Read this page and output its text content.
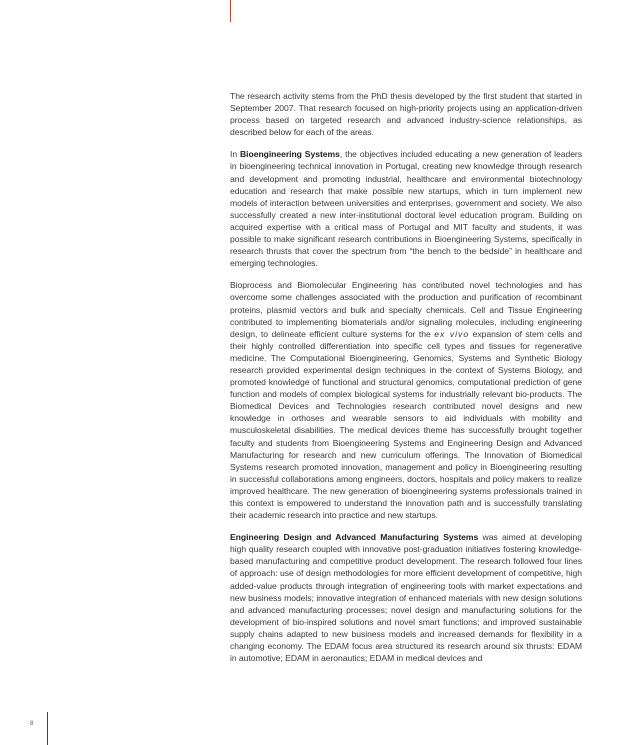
The research activity stems from the PhD thesis developed by the first student that started in September 2007. That research focused on high-priority projects using an application-driven process based on targeted research and advanced industry-science relationships, as described below for each of the areas.

In Bioengineering Systems, the objectives included educating a new generation of leaders in bioengineering technical innovation in Portugal, creating new knowledge through research and development and promoting industrial, healthcare and environmental biotechnology education and research that make possible new startups, which in turn implement new models of interaction between universities and enterprises, government and society. We also successfully created a new inter-institutional doctoral level education program. Building on acquired expertise with a critical mass of Portugal and MIT faculty and students, it was possible to make significant research contributions in Bioengineering Systems, specifically in research thrusts that cover the spectrum from “the bench to the bedside” in healthcare and emerging technologies.

Bioprocess and Biomolecular Engineering has contributed novel technologies and has overcome some challenges associated with the production and purification of recombinant proteins, plasmid vectors and bulk and specialty chemicals. Cell and Tissue Engineering contributed to implementing biomaterials and/or signaling molecules, including engineering design, to delineate efficient culture systems for the ex vivo expansion of stem cells and their highly controlled differentiation into specific cell types and tissues for regenerative medicine. The Computational Bioengineering, Genomics, Systems and Synthetic Biology research provided experimental design techniques in the context of Systems Biology, and promoted knowledge of functional and structural genomics, computational prediction of gene function and models of complex biological systems for industrially relevant bio-products. The Biomedical Devices and Technologies research contributed novel designs and new knowledge in orthoses and wearable sensors to aid individuals with mobility and musculoskeletal disabilities. The medical devices theme has successfully brought together faculty and students from Bioengineering Systems and Engineering Design and Advanced Manufacturing for research and new curriculum offerings. The Innovation of Biomedical Systems research promoted innovation, management and policy in Bioengineering resulting in successful collaborations among engineers, doctors, hospitals and policy makers to realize improved healthcare. The new generation of bioengineering systems professionals trained in this context is empowered to understand the innovation path and is successfully translating their academic research into practice and new startups.

Engineering Design and Advanced Manufacturing Systems was aimed at developing high quality research coupled with innovative post-graduation initiatives fostering knowledge-based manufacturing and competitive product development. The research followed four lines of approach: use of design methodologies for more efficient development of competitive, high added-value products through integration of engineering tools with market expectations and new business models; innovative integration of enhanced materials with new design solutions and advanced manufacturing processes; novel design and manufacturing solutions for the development of bio-inspired solutions and novel smart functions; and improved sustainable supply chains adapted to new business models and increased demands for flexibility in a changing economy. The EDAM focus area structured its research around six thrusts: EDAM in automotive; EDAM in aeronautics; EDAM in medical devices and

8
